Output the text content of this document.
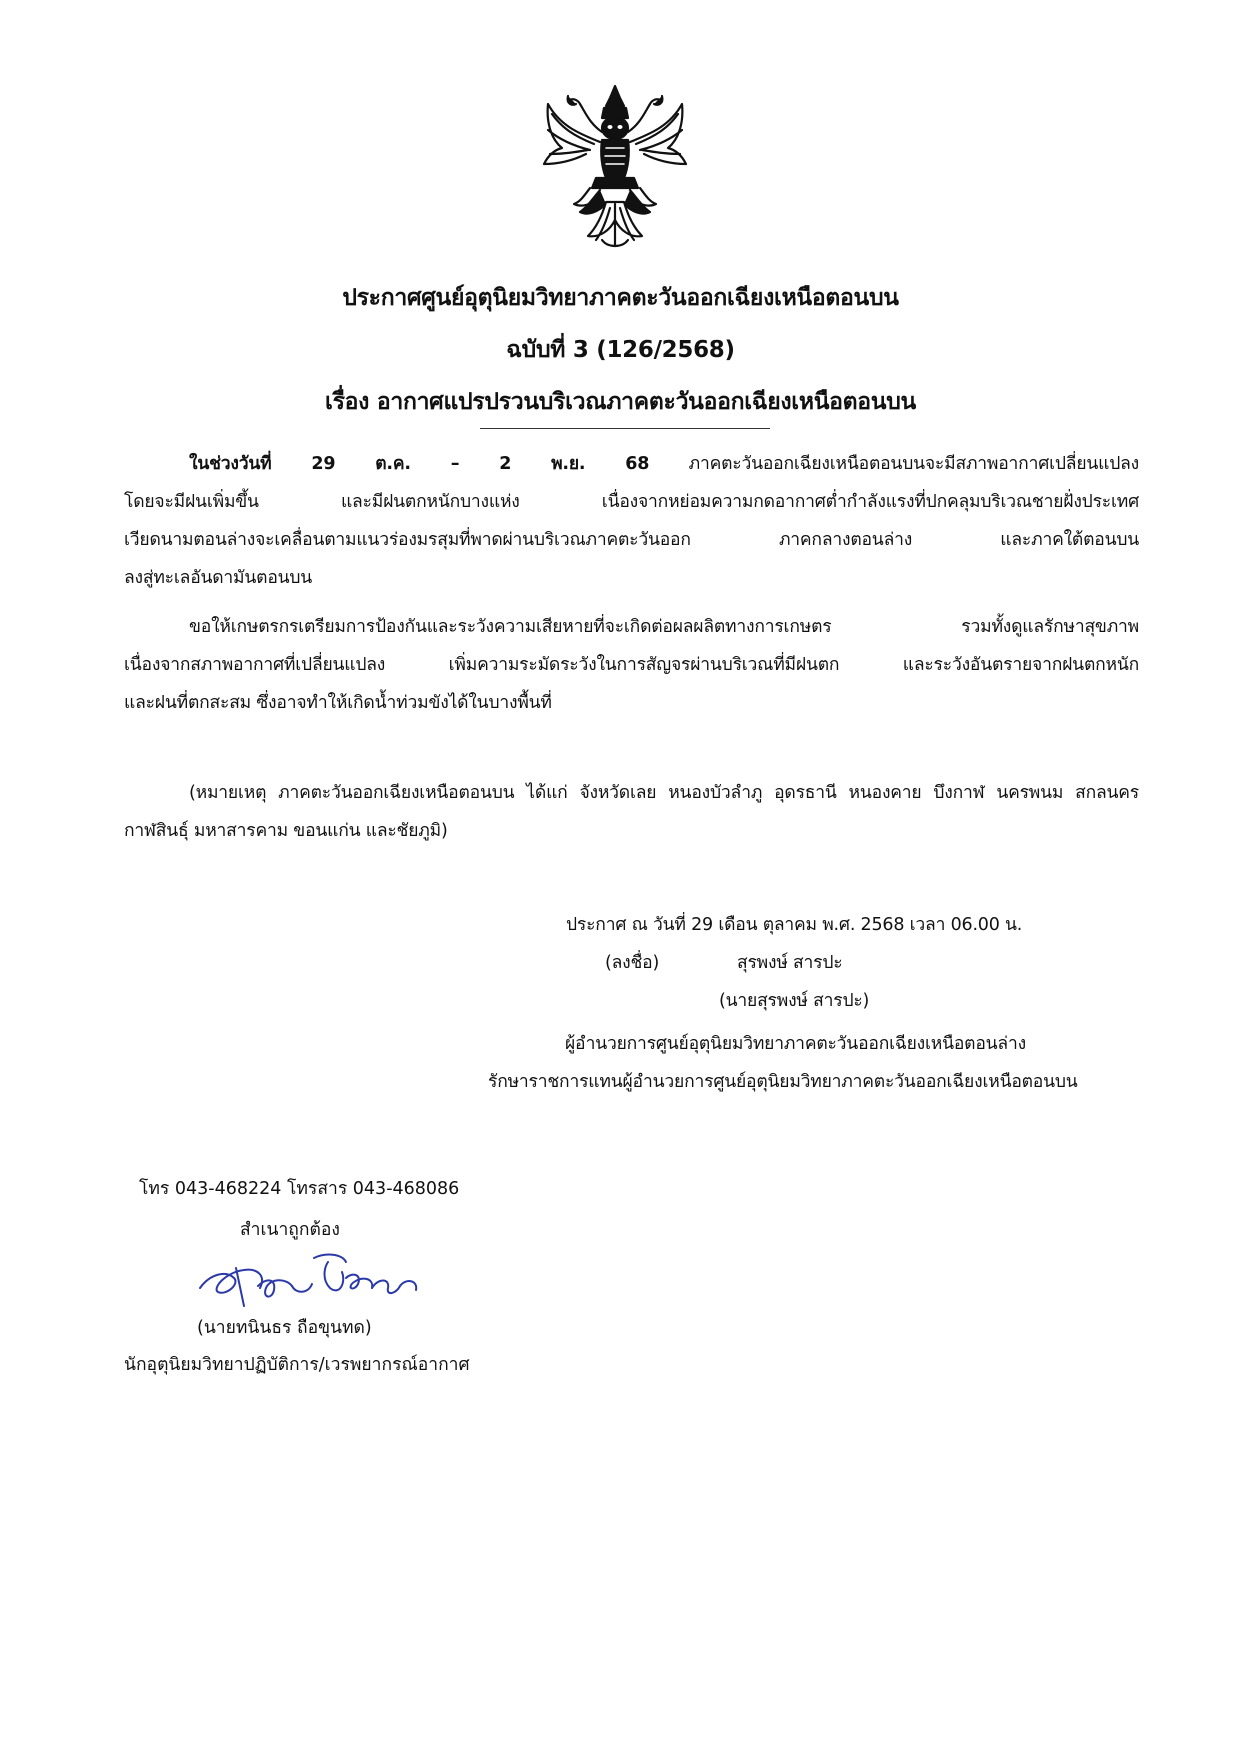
ประกาศศูนย์อุตุนิยมวิทยาภาคตะวันออกเฉียงเหนือตอนบน
ฉบับที่ 3 (126/2568)
เรื่อง อากาศแปรปรวนบริเวณภาคตะวันออกเฉียงเหนือตอนบน
ในช่วงวันที่ 29 ต.ค. – 2 พ.ย. 68 ภาคตะวันออกเฉียงเหนือตอนบนจะมีสภาพอากาศเปลี่ยนแปลง
โดยจะมีฝนเพิ่มขึ้น และมีฝนตกหนักบางแห่ง เนื่องจากหย่อมความกดอากาศต่ำกำลังแรงที่ปกคลุมบริเวณชายฝั่งประเทศ
เวียดนามตอนล่างจะเคลื่อนตามแนวร่องมรสุมที่พาดผ่านบริเวณภาคตะวันออก ภาคกลางตอนล่าง และภาคใต้ตอนบน
ลงสู่ทะเลอันดามันตอนบน
ขอให้เกษตรกรเตรียมการป้องกันและระวังความเสียหายที่จะเกิดต่อผลผลิตทางการเกษตร รวมทั้งดูแลรักษาสุขภาพ
เนื่องจากสภาพอากาศที่เปลี่ยนแปลง เพิ่มความระมัดระวังในการสัญจรผ่านบริเวณที่มีฝนตก และระวังอันตรายจากฝนตกหนัก
และฝนที่ตกสะสม ซึ่งอาจทำให้เกิดน้ำท่วมขังได้ในบางพื้นที่
(หมายเหตุ ภาคตะวันออกเฉียงเหนือตอนบน ได้แก่ จังหวัดเลย หนองบัวลำภู อุดรธานี หนองคาย บึงกาฬ นครพนม สกลนคร
กาฬสินธุ์ มหาสารคาม ขอนแก่น และชัยภูมิ)
ประกาศ ณ วันที่ 29 เดือน ตุลาคม พ.ศ. 2568 เวลา 06.00 น.
(ลงชื่อ)	สุรพงษ์ สารปะ
(นายสุรพงษ์ สารปะ)
ผู้อำนวยการศูนย์อุตุนิยมวิทยาภาคตะวันออกเฉียงเหนือตอนล่าง
รักษาราชการแทนผู้อำนวยการศูนย์อุตุนิยมวิทยาภาคตะวันออกเฉียงเหนือตอนบน
โทร 043-468224 โทรสาร 043-468086
สำเนาถูกต้อง
(นายทนินธร ถือขุนทด)
นักอุตุนิยมวิทยาปฏิบัติการ/เวรพยากรณ์อากาศ
